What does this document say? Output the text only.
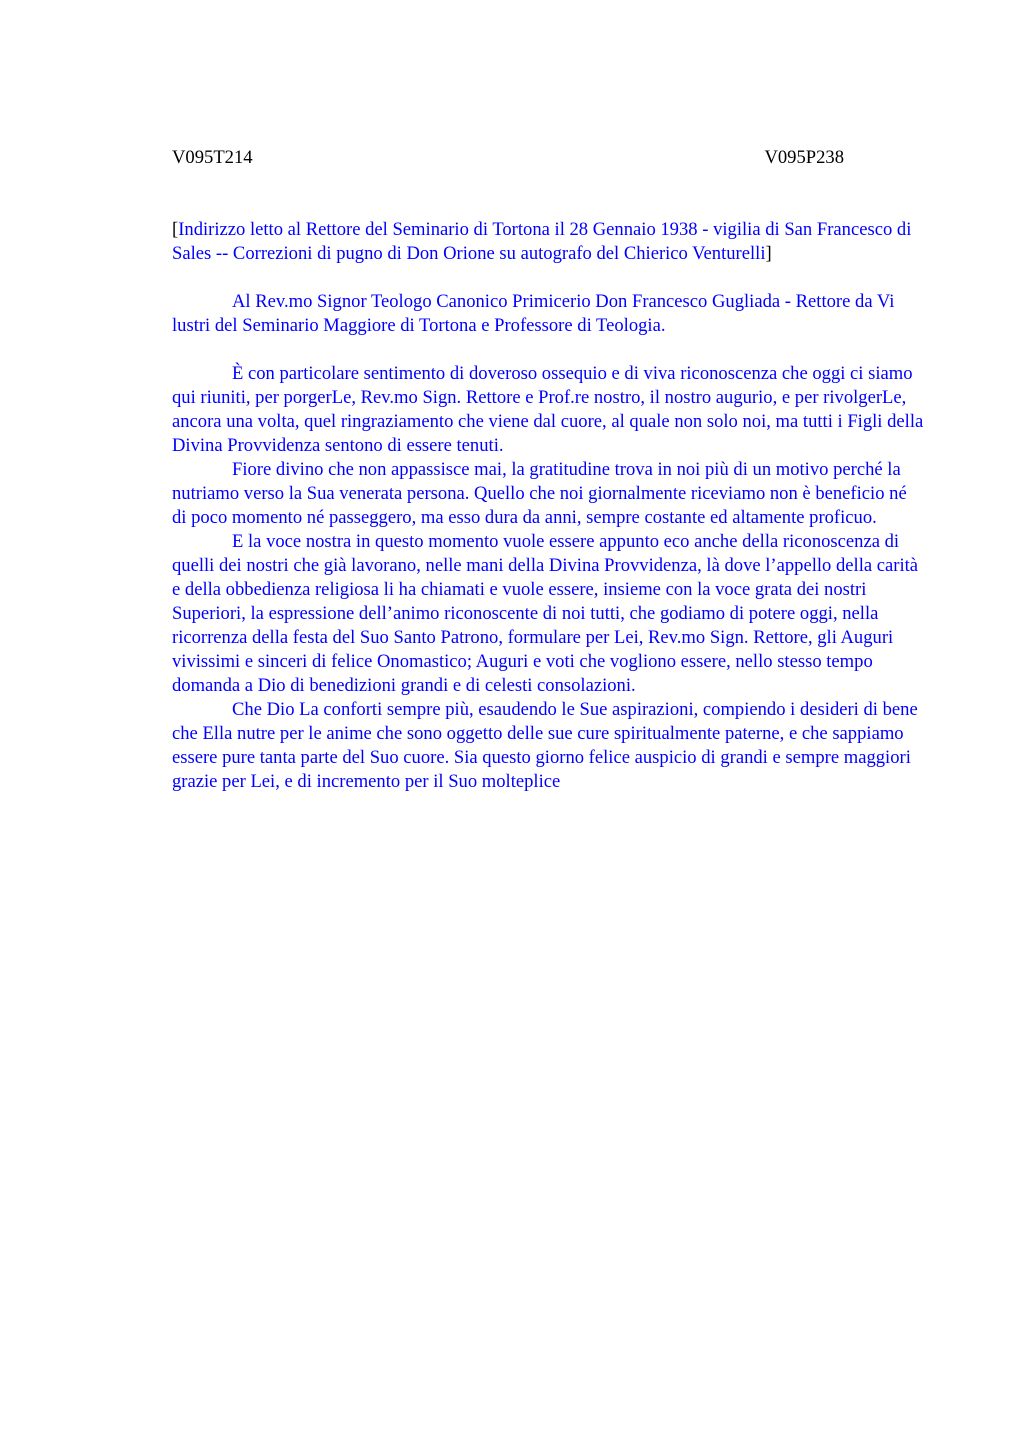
V095T214	V095P238

[Indirizzo letto al Rettore del Seminario di Tortona il 28 Gennaio 1938 - vigilia di San Francesco di Sales -- Correzioni di pugno di Don Orione su autografo del Chierico Venturelli]

Al Rev.mo Signor Teologo Canonico Primicerio Don Francesco Gugliada - Rettore da Vi lustri del Seminario Maggiore di Tortona e Professore di Teologia.

È con particolare sentimento di doveroso ossequio e di viva riconoscenza che oggi ci siamo qui riuniti, per porgerLe, Rev.mo Sign. Rettore e Prof.re nostro, il nostro augurio, e per rivolgerLe, ancora una volta, quel ringraziamento che viene dal cuore, al quale non solo noi, ma tutti i Figli della Divina Provvidenza sentono di essere tenuti.

Fiore divino che non appassisce mai, la gratitudine trova in noi più di un motivo perché la nutriamo verso la Sua venerata persona. Quello che noi giornalmente riceviamo non è beneficio né di poco momento né passeggero, ma esso dura da anni, sempre costante ed altamente proficuo.

E la voce nostra in questo momento vuole essere appunto eco anche della riconoscenza di quelli dei nostri che già lavorano, nelle mani della Divina Provvidenza, là dove l’appello della carità e della obbedienza religiosa li ha chiamati e vuole essere, insieme con la voce grata dei nostri Superiori, la espressione dell’animo riconoscente di noi tutti, che godiamo di potere oggi, nella ricorrenza della festa del Suo Santo Patrono, formulare per Lei, Rev.mo Sign. Rettore, gli Auguri vivissimi e sinceri di felice Onomastico; Auguri e voti che vogliono essere, nello stesso tempo domanda a Dio di benedizioni grandi e di celesti consolazioni.

Che Dio La conforti sempre più, esaudendo le Sue aspirazioni, compiendo i desideri di bene che Ella nutre per le anime che sono oggetto delle sue cure spiritualmente paterne, e che sappiamo essere pure tanta parte del Suo cuore. Sia questo giorno felice auspicio di grandi e sempre maggiori grazie per Lei, e di incremento per il Suo molteplice
